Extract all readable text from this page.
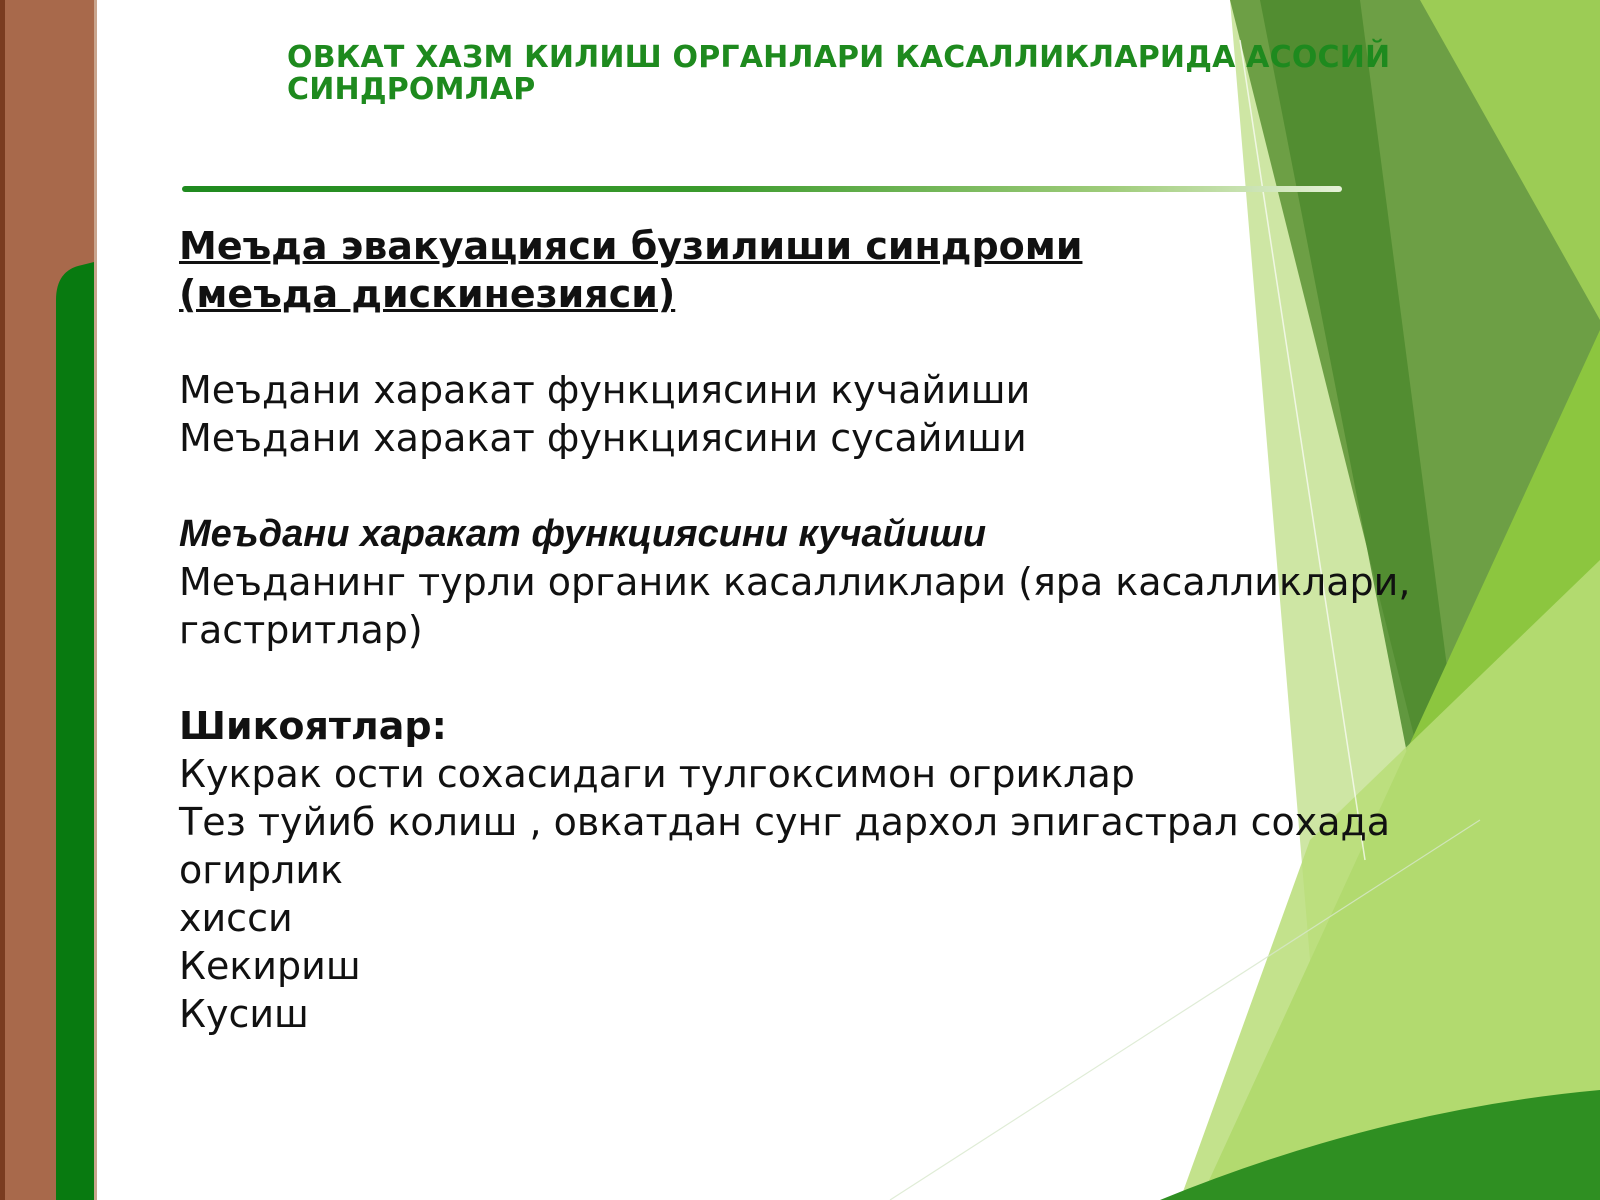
ОВКАТ ХАЗМ КИЛИШ ОРГАНЛАРИ КАСАЛЛИКЛАРИДА АСОСИЙ
СИНДРОМЛАР

Меъда эвакуацияси бузилиши синдроми

(меъда дискинезияси)

Меъдани харакат функциясини кучайиши

Меъдани харакат функциясини сусайиши

Меъдани харакат функциясини кучайиши

Меъданинг турли органик касалликлари (яра касалликлари,

гастритлар)

Шикоятлар:

Кукрак ости сохасидаги тулгоксимон огриклар

Тез туйиб колиш , овкатдан сунг дархол эпигастрал сохада огирлик

хисси

Кекириш

Кусиш
